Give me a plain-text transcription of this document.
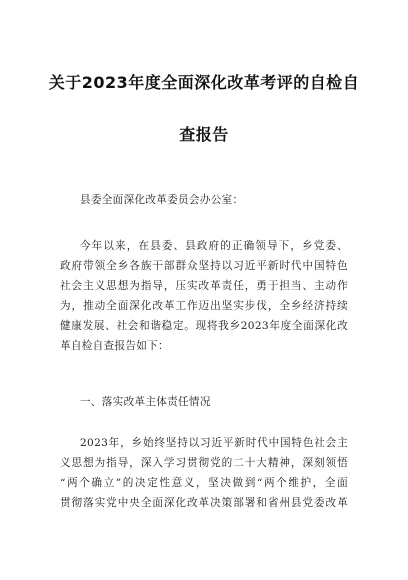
关于2023年度全面深化改革考评的自检自
查报告
县委全面深化改革委员会办公室：
今年以来，在县委、县政府的正确领导下，乡党委、
政府带领全乡各族干部群众坚持以习近平新时代中国特色
社会主义思想为指导，压实改革责任，勇于担当、主动作
为，推动全面深化改革工作迈出坚实步伐，全乡经济持续
健康发展、社会和谐稳定。现将我乡2023年度全面深化改
革自检自查报告如下：
一、落实改革主体责任情况
2023年，乡始终坚持以习近平新时代中国特色社会主
义思想为指导，深入学习贯彻党的二十大精神，深刻领悟
“两个确立”的决定性意义，坚决做到“两个维护，全面
贯彻落实党中央全面深化改革决策部署和省州县党委改革
